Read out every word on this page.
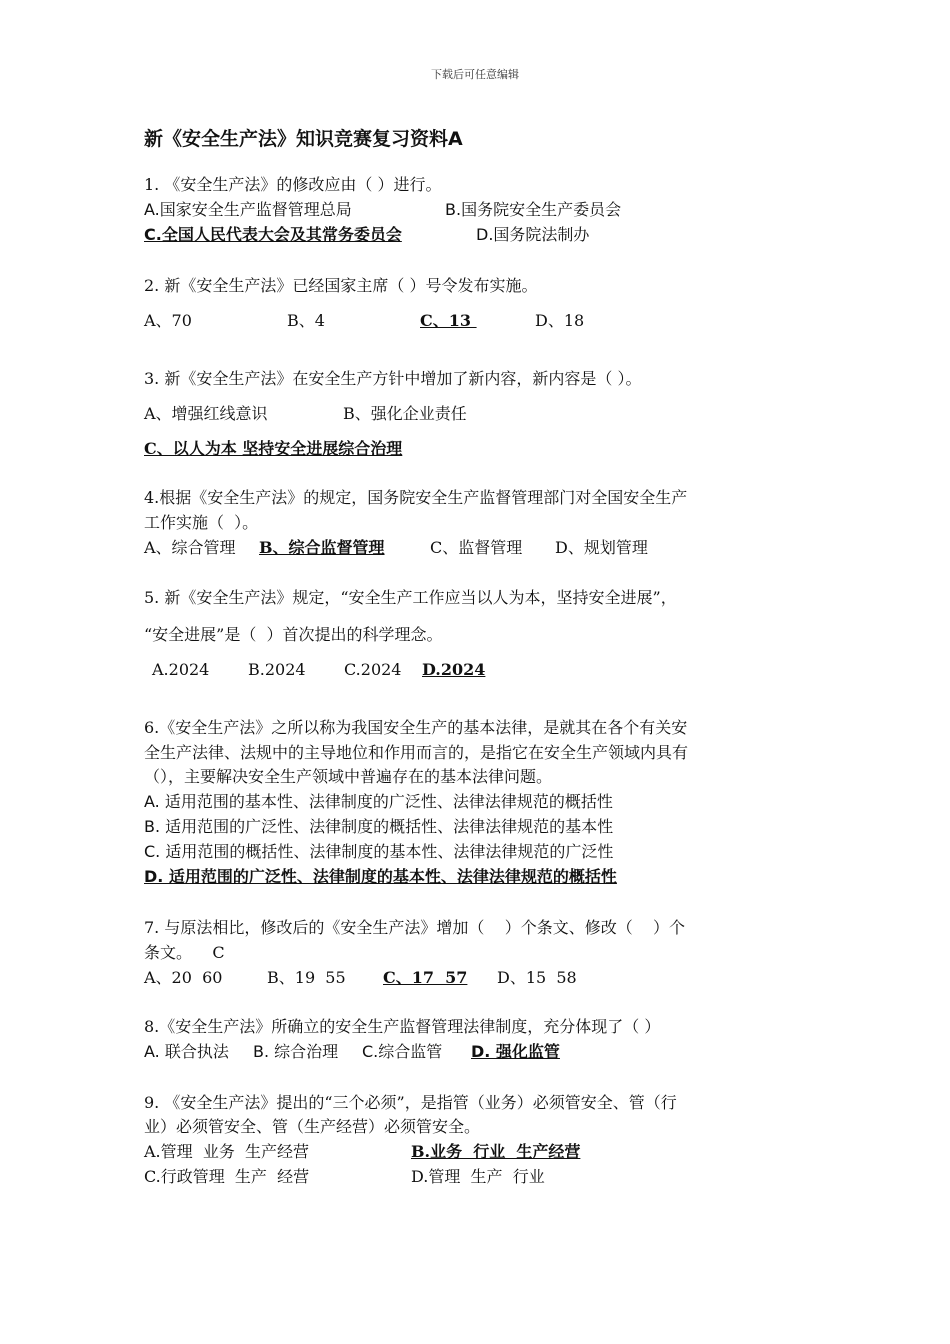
下载后可任意编辑
新《安全生产法》知识竞赛复习资料A
1. 《安全生产法》的修改应由（ ）进行。
A.国家安全生产监督管理总局	B.国务院安全生产委员会
C.全国人民代表大会及其常务委员会	D.国务院法制办
2. 新《安全生产法》已经国家主席（ ）号令发布实施。
A、70	B、4	C、13	D、18
3. 新《安全生产法》在安全生产方针中增加了新内容，新内容是（ ）。
A、增强红线意识	B、强化企业责任
C、以人为本 坚持安全进展综合治理
4.根据《安全生产法》的规定，国务院安全生产监督管理部门对全国安全生产
工作实施（  ）。
A、综合管理 B、综合监督管理	C、监督管理 D、规划管理
5. 新《安全生产法》规定，“安全生产工作应当以人为本，坚持安全进展”，
“安全进展”是（  ）首次提出的科学理念。
A.2024 B.2024 C.2024 D.2024
6.《安全生产法》之所以称为我国安全生产的基本法律，是就其在各个有关安
全生产法律、法规中的主导地位和作用而言的，是指它在安全生产领域内具有
（），主要解决安全生产领域中普遍存在的基本法律问题。
A. 适用范围的基本性、法律制度的广泛性、法律法律规范的概括性
B. 适用范围的广泛性、法律制度的概括性、法律法律规范的基本性
C. 适用范围的概括性、法律制度的基本性、法律法律规范的广泛性
D. 适用范围的广泛性、法律制度的基本性、法律法律规范的概括性
7. 与原法相比，修改后的《安全生产法》增加（    ）个条文、修改（    ）个
条文。    C
A、20  60	B、19  55 C、17  57 D、15  58
8.《安全生产法》所确立的安全生产监督管理法律制度，充分体现了（ ）
A. 联合执法 B. 综合治理 C.综合监管 D. 强化监管
9. 《安全生产法》提出的“三个必须”，是指管（业务）必须管安全、管（行
业）必须管安全、管（生产经营）必须管安全。
A.管理  业务  生产经营	B.业务  行业  生产经营
C.行政管理  生产  经营	D.管理  生产  行业
